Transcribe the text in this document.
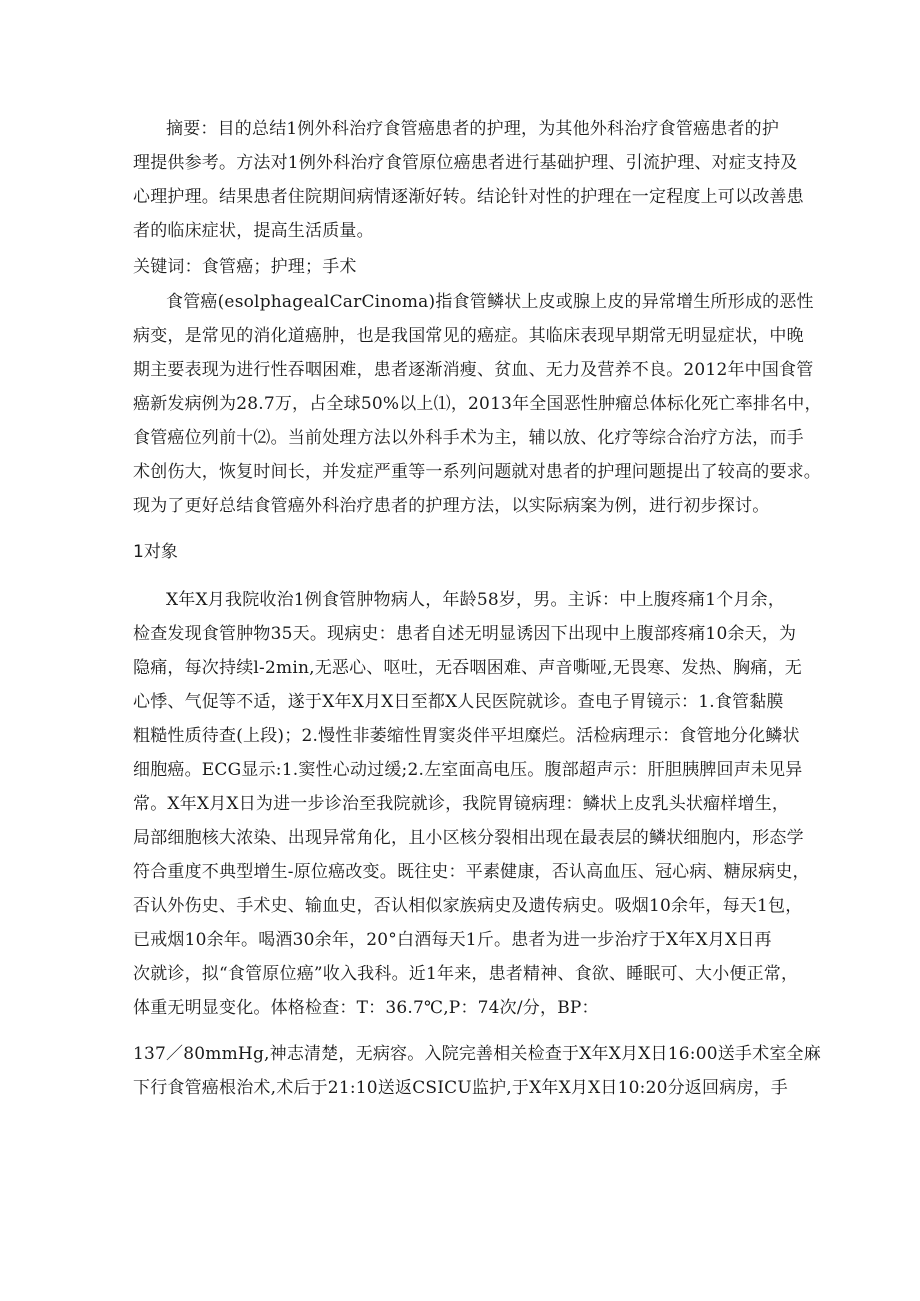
摘要：目的总结1例外科治疗食管癌患者的护理，为其他外科治疗食管癌患者的护

理提供参考。方法对1例外科治疗食管原位癌患者进行基础护理、引流护理、对症支持及

心理护理。结果患者住院期间病情逐渐好转。结论针对性的护理在一定程度上可以改善患

者的临床症状，提高生活质量。

关键词：食管癌；护理；手术

食管癌(esolphagealCarCinoma)指食管鳞状上皮或腺上皮的异常增生所形成的恶性

病变，是常见的消化道癌肿，也是我国常见的癌症。其临床表现早期常无明显症状，中晚

期主要表现为进行性吞咽困难，患者逐渐消瘦、贫血、无力及营养不良。2012年中国食管

癌新发病例为28.7万，占全球50%以上⑴，2013年全国恶性肿瘤总体标化死亡率排名中，

食管癌位列前十⑵。当前处理方法以外科手术为主，辅以放、化疗等综合治疗方法，而手

术创伤大，恢复时间长，并发症严重等一系列问题就对患者的护理问题提出了较高的要求。

现为了更好总结食管癌外科治疗患者的护理方法，以实际病案为例，进行初步探讨。

1对象

X年X月我院收治1例食管肿物病人，年龄58岁，男。主诉：中上腹疼痛1个月余，

检查发现食管肿物35天。现病史：患者自述无明显诱因下出现中上腹部疼痛10余天，为

隐痛，每次持续l-2min,无恶心、呕吐，无吞咽困难、声音嘶哑,无畏寒、发热、胸痛，无

心悸、气促等不适，遂于X年X月X日至都X人民医院就诊。查电子胃镜示：1.食管黏膜

粗糙性质待查(上段)；2.慢性非萎缩性胃窦炎伴平坦糜烂。活检病理示：食管地分化鳞状

细胞癌。ECG显示:1.窦性心动过缓;2.左室面高电压。腹部超声示：肝胆胰脾回声未见异

常。X年X月X日为进一步诊治至我院就诊，我院胃镜病理：鳞状上皮乳头状瘤样增生，

局部细胞核大浓染、出现异常角化，且小区核分裂相出现在最表层的鳞状细胞内，形态学

符合重度不典型增生-原位癌改变。既往史：平素健康，否认高血压、冠心病、糖尿病史，

否认外伤史、手术史、输血史，否认相似家族病史及遗传病史。吸烟10余年，每天1包，

已戒烟10余年。喝酒30余年，20°白酒每天1斤。患者为进一步治疗于X年X月X日再

次就诊，拟“食管原位癌”收入我科。近1年来，患者精神、食欲、睡眠可、大小便正常，

体重无明显变化。体格检查：T：36.7℃,P：74次/分，BP：

137／80mmHg,神志清楚，无病容。入院完善相关检查于X年X月X日16:00送手术室全麻

下行食管癌根治术,术后于21:10送返CSICU监护,于X年X月X日10:20分返回病房，手
